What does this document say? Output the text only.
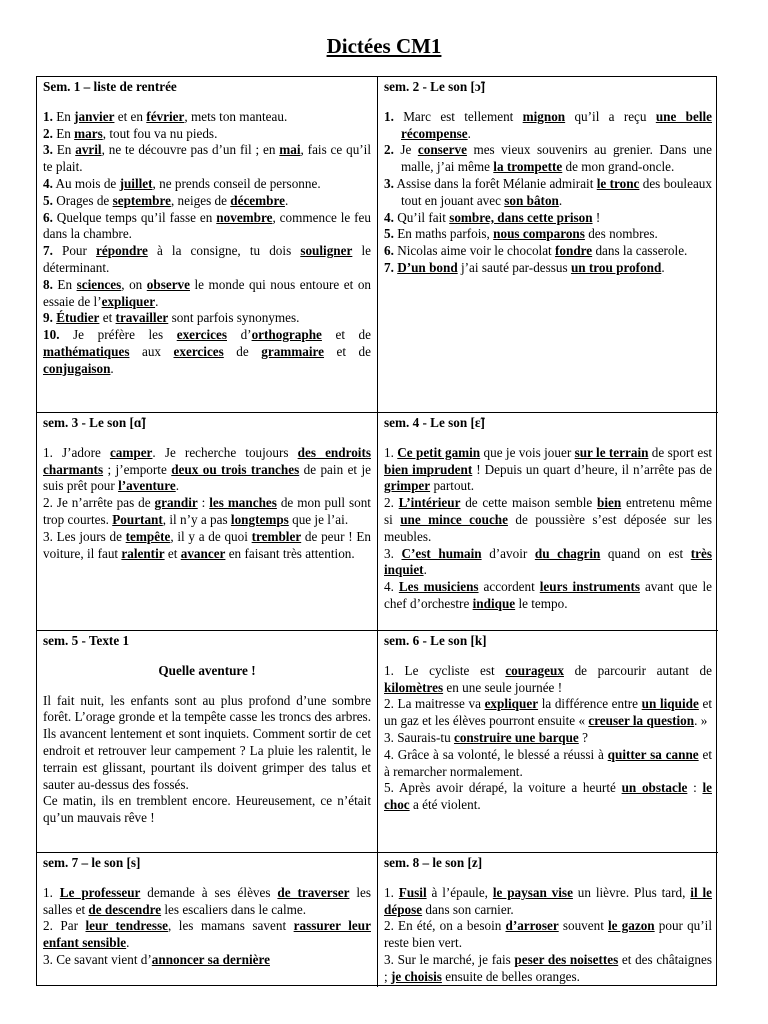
Dictées CM1
Sem. 1 – liste de rentrée

1. En janvier et en février, mets ton manteau.

2. En mars, tout fou va nu pieds.

3. En avril, ne te découvre pas d’un fil ; en mai, fais ce qu’il te plait.

4. Au mois de juillet, ne prends conseil de personne.

5. Orages de septembre, neiges de décembre.

6. Quelque temps qu’il fasse en novembre, commence le feu dans la chambre.

7. Pour répondre à la consigne, tu dois souligner le déterminant.

8. En sciences, on observe le monde qui nous entoure et on essaie de l’expliquer.

9. Étudier et travailler sont parfois synonymes.

10. Je préfère les exercices d’orthographe et de mathématiques aux exercices de grammaire et de conjugaison.

sem. 2 - Le son [ɔ̃]

1. Marc est tellement mignon qu’il a reçu une belle récompense.

2. Je conserve mes vieux souvenirs au grenier. Dans une malle, j’ai même la trompette de mon grand-oncle.

3. Assise dans la forêt Mélanie admirait le tronc des bouleaux tout en jouant avec son bâton.

4. Qu’il fait sombre, dans cette prison !

5. En maths parfois, nous comparons des nombres.

6. Nicolas aime voir le chocolat fondre dans la casserole.

7. D’un bond j’ai sauté par-dessus un trou profond.

sem. 3 - Le son [ɑ̃]

1. J’adore camper. Je recherche toujours des endroits charmants ; j’emporte deux ou trois tranches de pain et je suis prêt pour l’aventure.

2. Je n’arrête pas de grandir : les manches de mon pull sont trop courtes. Pourtant, il n’y a pas longtemps que je l’ai.

3. Les jours de tempête, il y a de quoi trembler de peur ! En voiture, il faut ralentir et avancer en faisant très attention.

sem. 4 - Le son [ɛ̃]

1. Ce petit gamin que je vois jouer sur le terrain de sport est bien imprudent ! Depuis un quart d’heure, il n’arrête pas de grimper partout.

2. L’intérieur de cette maison semble bien entretenu même si une mince couche de poussière s’est déposée sur les meubles.

3. C’est humain d’avoir du chagrin quand on est très inquiet.

4. Les musiciens accordent leurs instruments avant que le chef d’orchestre indique le tempo.

sem. 5 - Texte 1
Quelle aventure !

Il fait nuit, les enfants sont au plus profond d’une sombre forêt. L’orage gronde et la tempête casse les troncs des arbres. Ils avancent lentement et sont inquiets. Comment sortir de cet endroit et retrouver leur campement ? La pluie les ralentit, le terrain est glissant, pourtant ils doivent grimper des talus et sauter au-dessus des fossés.

Ce matin, ils en tremblent encore. Heureusement, ce n’était qu’un mauvais rêve !

sem. 6 - Le son [k]

1. Le cycliste est courageux de parcourir autant de kilomètres en une seule journée !

2. La maitresse va expliquer la différence entre un liquide et un gaz et les élèves pourront ensuite « creuser la question. »

3. Saurais-tu construire une barque ?

4. Grâce à sa volonté, le blessé a réussi à quitter sa canne et à remarcher normalement.

5. Après avoir dérapé, la voiture a heurté un obstacle : le choc a été violent.

sem. 7 – le son [s]

1. Le professeur demande à ses élèves de traverser les salles et de descendre les escaliers dans le calme.

2. Par leur tendresse, les mamans savent rassurer leur enfant sensible.

3. Ce savant vient d’annoncer sa dernière

sem. 8 – le son [z]

1. Fusil à l’épaule, le paysan vise un lièvre. Plus tard, il le dépose dans son carnier.

2. En été, on a besoin d’arroser souvent le gazon pour qu’il reste bien vert.

3. Sur le marché, je fais peser des noisettes et des châtaignes ; je choisis ensuite de belles oranges.
